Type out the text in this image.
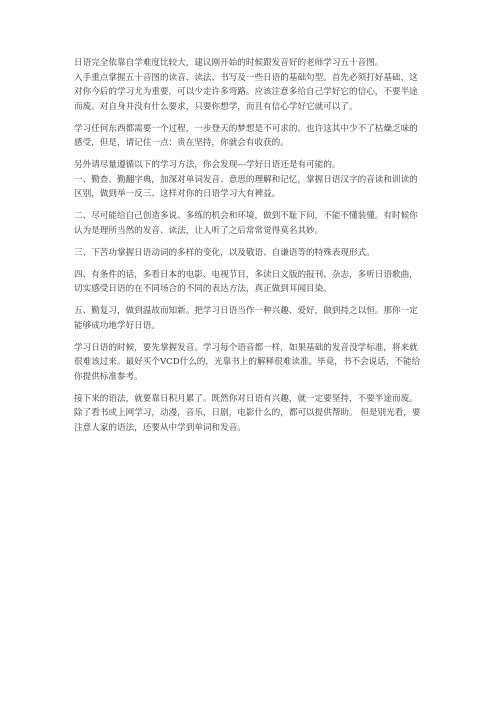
日语完全依靠自学难度比较大，建议刚开始的时候跟发音好的老师学习五十音图。

入手重点掌握五十音图的读音、读法、书写及一些日语的基础句型。首先必须打好基础，这对你今后的学习尤为重要，可以少走许多弯路。应该注意多给自己学好它的信心，不要半途而废。对自身并没有什么要求，只要你想学，而且有信心学好它就可以了。

学习任何东西都需要一个过程，一步登天的梦想是不可求的。也许这其中少不了枯燥乏味的感受，但是，请记住一点：贵在坚持，你就会有收获的。

另外请尽量遵循以下的学习方法，你会发现---学好日语还是有可能的。

一、勤查、勤翻字典，加深对单词发音、意思的理解和记忆，掌握日语汉字的音读和训读的区别，做到举一反三、这样对你的日语学习大有裨益。

二、尽可能给自己创造多说、多练的机会和环境，做到不耻下问，不能不懂装懂。有时候你认为是理所当然的发音、读法，让人听了之后常常觉得莫名其妙。

三、下苦功掌握日语动词的多样的变化，以及敬语、自谦语等的特殊表现形式。

四、有条件的话，多看日本的电影、电视节目，多读日文版的报刊、杂志，多听日语歌曲，切实感受日语的在不同场合的不同的表达方法，真正做到耳闻目染。

五、勤复习，做到温故而知新。把学习日语当作一种兴趣、爱好，做到持之以恒。那你一定能够成功地学好日语。

学习日语的时候，要先掌握发音。学习每个语音都一样，如果基础的发音没学标准，将来就很难该过来。最好买个VCD什么的，光靠书上的解释很难读准。毕竟，书不会说话，不能给你提供标准参考。

接下来的语法，就要靠日积月累了。既然你对日语有兴趣，就一定要坚持，不要半途而废。除了看书或上网学习，动漫，音乐，日剧，电影什么的，都可以提供帮助。 但是别光看，要注意人家的语法，还要从中学到单词和发音。
